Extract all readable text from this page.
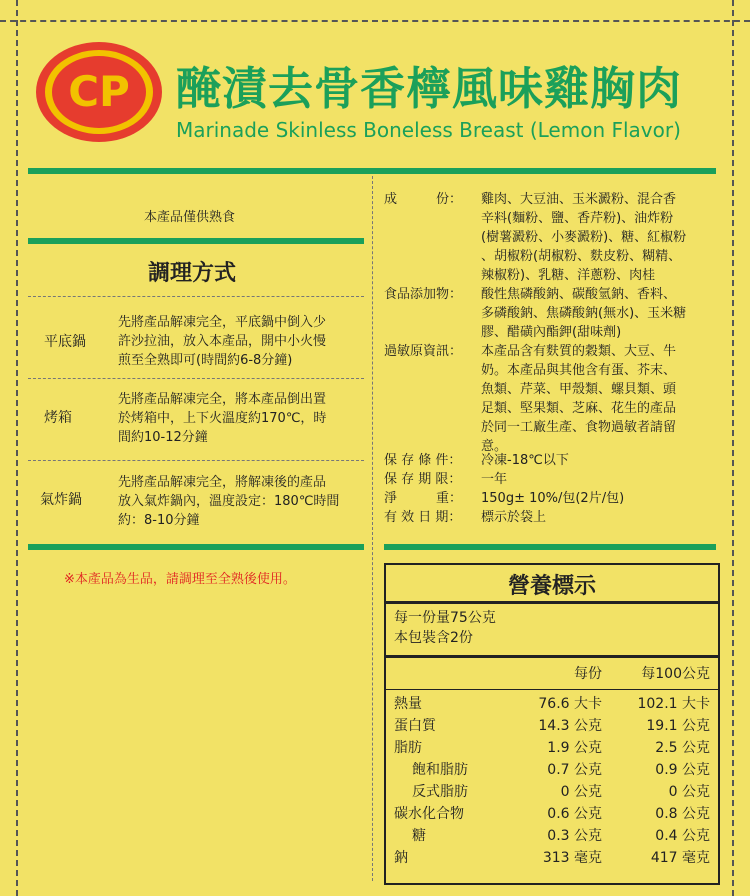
CP 醃漬去骨香檸風味雞胸肉
Marinade Skinless Boneless Breast (Lemon Flavor)
本產品僅供熟食
調理方式
平底鍋
先將產品解凍完全，平底鍋中倒入少
許沙拉油，放入本產品，開中小火慢
煎至全熟即可(時間約6-8分鐘)
烤箱
先將產品解凍完全，將本產品倒出置
於烤箱中，上下火溫度約170℃，時
間約10-12分鐘
氣炸鍋
先將產品解凍完全，將解凍後的產品
放入氣炸鍋內，溫度設定：180℃時間
約：8-10分鐘
※本產品為生品，請調理至全熟後使用。
成　　　份： 雞肉、大豆油、玉米澱粉、混合香
辛料(麵粉、鹽、香芹粉)、油炸粉
(樹薯澱粉、小麥澱粉)、糖、紅椒粉
、胡椒粉(胡椒粉、麩皮粉、糊精、
辣椒粉)、乳糖、洋蔥粉、肉桂
食品添加物： 酸性焦磷酸鈉、碳酸氫鈉、香料、
多磷酸鈉、焦磷酸鈉(無水)、玉米糖
膠、醋磺內酯鉀(甜味劑)
過敏原資訊： 本產品含有麩質的穀類、大豆、牛
奶。本產品與其他含有蛋、芥末、
魚類、芹菜、甲殼類、螺貝類、頭
足類、堅果類、芝麻、花生的產品
於同一工廠生產、食物過敏者請留
意。
保 存 條 件： 冷凍-18℃以下
保 存 期 限： 一年
淨　　　重： 150g± 10%/包(2片/包)
有 效 日 期： 標示於袋上
營養標示
每一份量75公克
本包裝含2份
每份	每100公克
熱量	76.6 大卡	102.1 大卡
蛋白質	14.3 公克	19.1 公克
脂肪	1.9 公克	2.5 公克
飽和脂肪	0.7 公克	0.9 公克
反式脂肪	0 公克	0 公克
碳水化合物	0.6 公克	0.8 公克
糖	0.3 公克	0.4 公克
鈉	313 毫克	417 毫克
